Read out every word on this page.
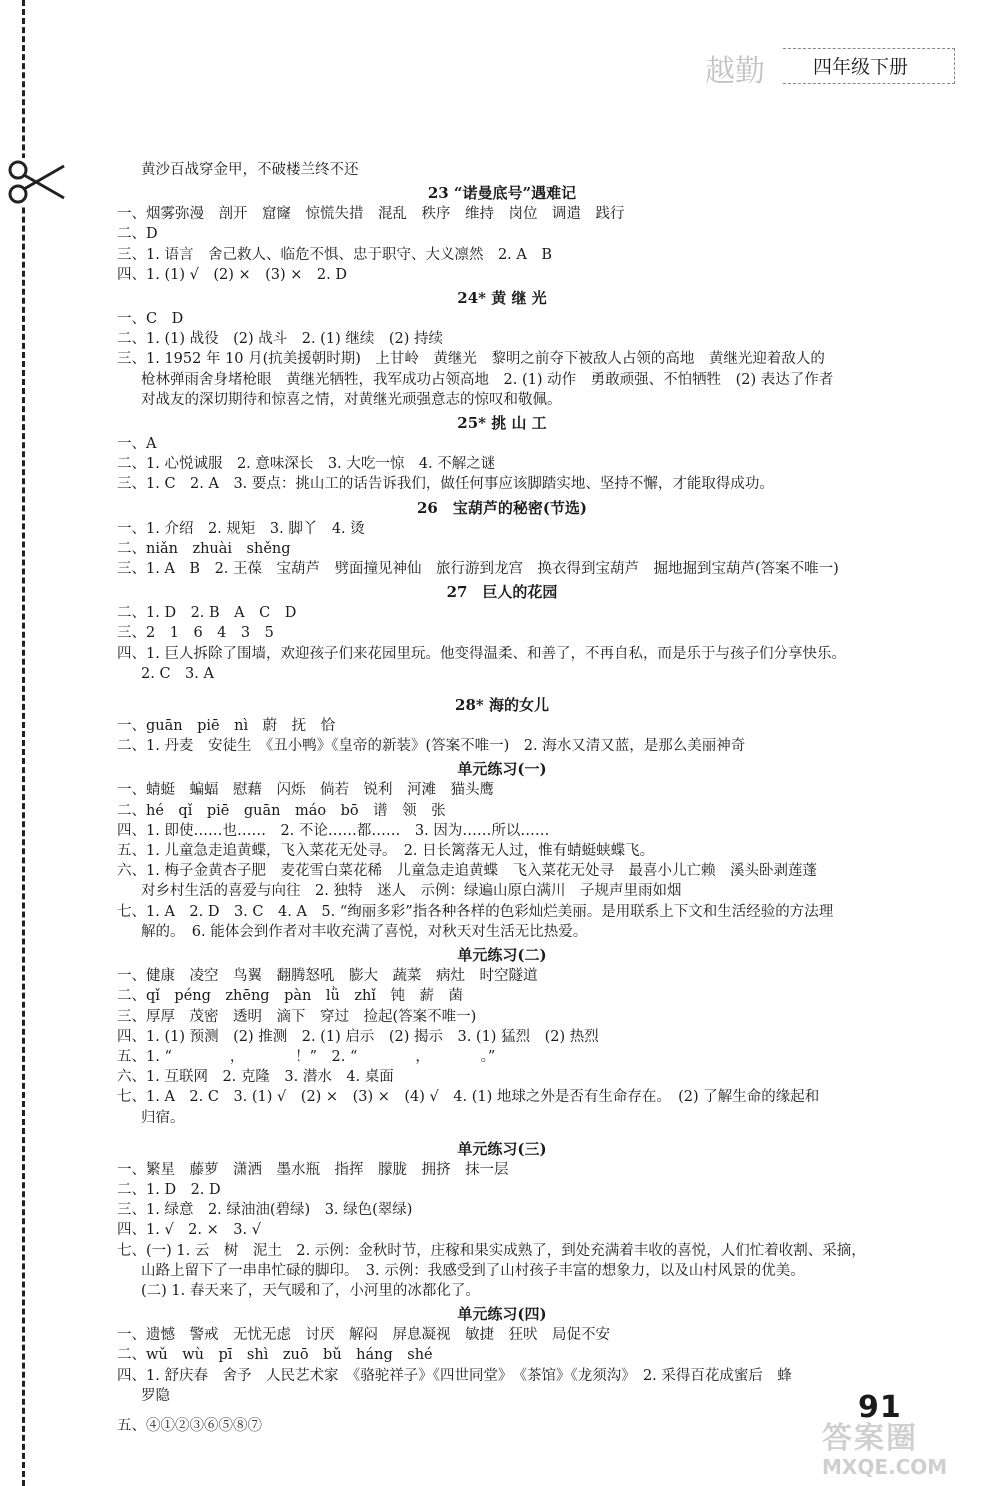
越勤	四年级下册
黄沙百战穿金甲，不破楼兰终不还
23 “诺曼底号”遇难记
一、烟雾弥漫　剖开　窟窿　惊慌失措　混乱　秩序　维持　岗位　调遣　践行
二、D
三、1. 语言　舍己救人、临危不惧、忠于职守、大义凛然　2. A　B
四、1. (1) √　(2) ×　(3) ×　2. D
24* 黄 继 光
一、C　D
二、1. (1) 战役　(2) 战斗　2. (1) 继续　(2) 持续
三、1. 1952 年 10 月(抗美援朝时期)　上甘岭　黄继光　黎明之前夺下被敌人占领的高地　黄继光迎着敌人的
枪林弹雨舍身堵枪眼　黄继光牺牲，我军成功占领高地　2. (1) 动作　勇敢顽强、不怕牺牲　(2) 表达了作者
对战友的深切期待和惊喜之情，对黄继光顽强意志的惊叹和敬佩。
25* 挑 山 工
一、A
二、1. 心悦诚服　2. 意味深长　3. 大吃一惊　4. 不解之谜
三、1. C　2. A　3. 要点：挑山工的话告诉我们，做任何事应该脚踏实地、坚持不懈，才能取得成功。
26　宝葫芦的秘密(节选)
一、1. 介绍　2. 规矩　3. 脚丫　4. 烫
二、niǎn　zhuài　shěng
三、1. A　B　2. 王葆　宝葫芦　劈面撞见神仙　旅行游到龙宫　换衣得到宝葫芦　掘地掘到宝葫芦(答案不唯一)
27　巨人的花园
二、1. D　2. B　A　C　D
三、2　1　6　4　3　5
四、1. 巨人拆除了围墙，欢迎孩子们来花园里玩。他变得温柔、和善了，不再自私，而是乐于与孩子们分享快乐。
2. C　3. A
28* 海的女儿
一、guān　piē　nì　蔚　抚　恰
二、1. 丹麦　安徒生　《丑小鸭》《皇帝的新装》(答案不唯一)　2. 海水又清又蓝，是那么美丽神奇
单元练习(一)
一、蜻蜓　蝙蝠　慰藉　闪烁　倘若　锐利　河滩　猫头鹰
二、hé　qǐ　piē　guān　máo　bō　谱　领　张
四、1. 即使……也……　2. 不论……都……　3. 因为……所以……
五、1. 儿童急走追黄蝶，飞入菜花无处寻。　2. 日长篱落无人过，惟有蜻蜓蛱蝶飞。
六、1. 梅子金黄杏子肥　麦花雪白菜花稀　儿童急走追黄蝶　飞入菜花无处寻　最喜小儿亡赖　溪头卧剥莲蓬
对乡村生活的喜爱与向往　2. 独特　迷人　示例：绿遍山原白满川　子规声里雨如烟
七、1. A　2. D　3. C　4. A　5. “绚丽多彩”指各种各样的色彩灿烂美丽。是用联系上下文和生活经验的方法理
解的。　6. 能体会到作者对丰收充满了喜悦，对秋天对生活无比热爱。
单元练习(二)
一、健康　凌空　鸟翼　翻腾怒吼　膨大　蔬菜　病灶　时空隧道
二、qǐ　péng　zhēng　pàn　lǜ　zhǐ　钝　薪　菌
三、厚厚　茂密　透明　滴下　穿过　捡起(答案不唯一)
四、1. (1) 预测　(2) 推测　2. (1) 启示　(2) 揭示　3. (1) 猛烈　(2) 热烈
五、1. “　　　　，　　　　！”　2. “　　　　，　　　　。”
六、1. 互联网　2. 克隆　3. 潜水　4. 桌面
七、1. A　2. C　3. (1) √　(2) ×　(3) ×　(4) √　4. (1) 地球之外是否有生命存在。　(2) 了解生命的缘起和
归宿。
单元练习(三)
一、繁星　藤萝　潇洒　墨水瓶　指挥　朦胧　拥挤　抹一层
二、1. D　2. D
三、1. 绿意　2. 绿油油(碧绿)　3. 绿色(翠绿)
四、1. √　2. ×　3. √
七、(一) 1. 云　树　泥土　2. 示例：金秋时节，庄稼和果实成熟了，到处充满着丰收的喜悦，人们忙着收割、采摘，
山路上留下了一串串忙碌的脚印。　3. 示例：我感受到了山村孩子丰富的想象力，以及山村风景的优美。
(二) 1. 春天来了，天气暖和了，小河里的冰都化了。
单元练习(四)
一、遗憾　警戒　无忧无虑　讨厌　解闷　屏息凝视　敏捷　狂吠　局促不安
二、wǔ　wù　pī　shì　zuō　bǔ　háng　shé
四、1. 舒庆春　舍予　人民艺术家　《骆驼祥子》《四世同堂》　《茶馆》《龙须沟》　2. 采得百花成蜜后　蜂
罗隐
五、④①②③⑥⑤⑧⑦
91
答案圈
MXQE.COM
